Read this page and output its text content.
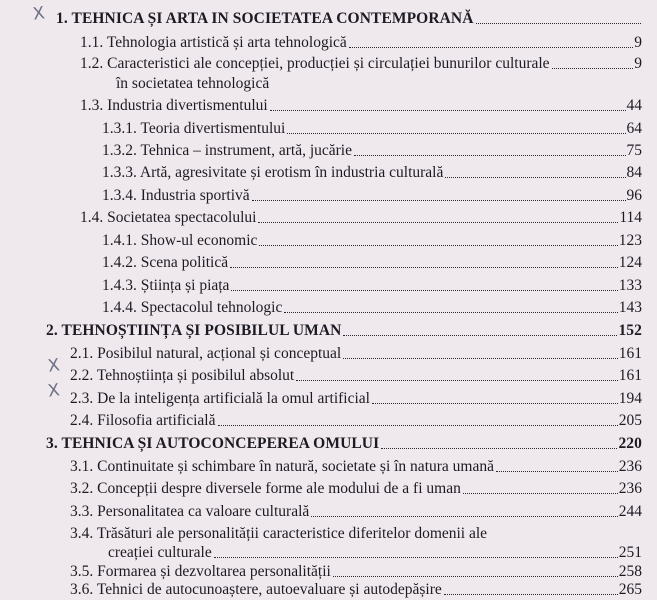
X
X
X
1. TEHNICA ȘI ARTA IN SOCIETATEA CONTEMPORANĂ
1.1. Tehnologia artistică și arta tehnologică	9
1.2. Caracteristici ale concepției, producției și circulației bunurilor culturale	9
în societatea tehnologică
1.3. Industria divertismentului	44
1.3.1. Teoria divertismentului	64
1.3.2. Tehnica – instrument, artă, jucărie	75
1.3.3. Artă, agresivitate și erotism în industria culturală	84
1.3.4. Industria sportivă	96
1.4. Societatea spectacolului	114
1.4.1. Show-ul economic	123
1.4.2. Scena politică	124
1.4.3. Știința și piața	133
1.4.4. Spectacolul tehnologic	143
2. TEHNOȘTIINȚA ȘI POSIBILUL UMAN	152
2.1. Posibilul natural, acțional și conceptual	161
2.2. Tehnoștiința și posibilul absolut	161
2.3. De la inteligența artificială la omul artificial	194
2.4. Filosofia artificială	205
3. TEHNICA ȘI AUTOCONCEPEREA OMULUI	220
3.1. Continuitate și schimbare în natură, societate și în natura umană	236
3.2. Concepții despre diversele forme ale modului de a fi uman	236
3.3. Personalitatea ca valoare culturală	244
3.4. Trăsături ale personalității caracteristice diferitelor domenii ale
creației culturale	251
3.5. Formarea și dezvoltarea personalității	258
3.6. Tehnici de autocunoaștere, autoevaluare și autodepășire	265
